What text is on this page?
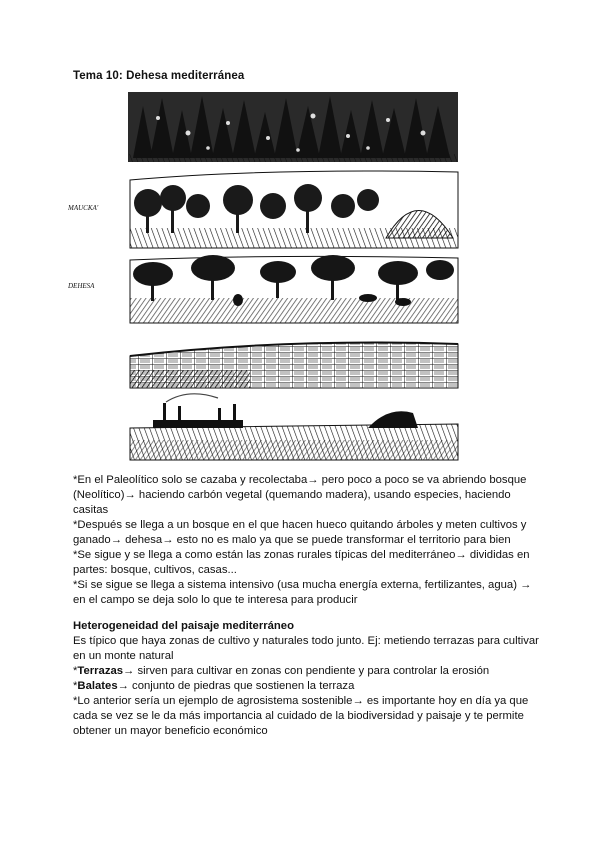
Tema 10: Dehesa mediterránea
MAUCKA'
DEHESA

*En el Paleolítico solo se cazaba y recolectaba→ pero poco a poco se va abriendo bosque (Neolítico)→ haciendo carbón vegetal (quemando madera), usando especies, haciendo casitas

*Después se llega a un bosque en el que hacen hueco quitando árboles y meten cultivos y ganado→ dehesa→ esto no es malo ya que se puede transformar el territorio para bien

*Se sigue y se llega a como están las zonas rurales típicas del mediterráneo→ divididas en partes: bosque, cultivos, casas...

*Si se sigue se llega a sistema intensivo (usa mucha energía externa, fertilizantes, agua) → en el campo se deja solo lo que te interesa para producir

Heterogeneidad del paisaje mediterráneo

Es típico que haya zonas de cultivo y naturales todo junto. Ej: metiendo terrazas para cultivar en un monte natural

*Terrazas→ sirven para cultivar en zonas con pendiente y para controlar la erosión

*Balates→ conjunto de piedras que sostienen la terraza

*Lo anterior sería un ejemplo de agrosistema sostenible→ es importante hoy en día ya que cada se vez se le da más importancia al cuidado de la biodiversidad y paisaje y te permite obtener un mayor beneficio económico
